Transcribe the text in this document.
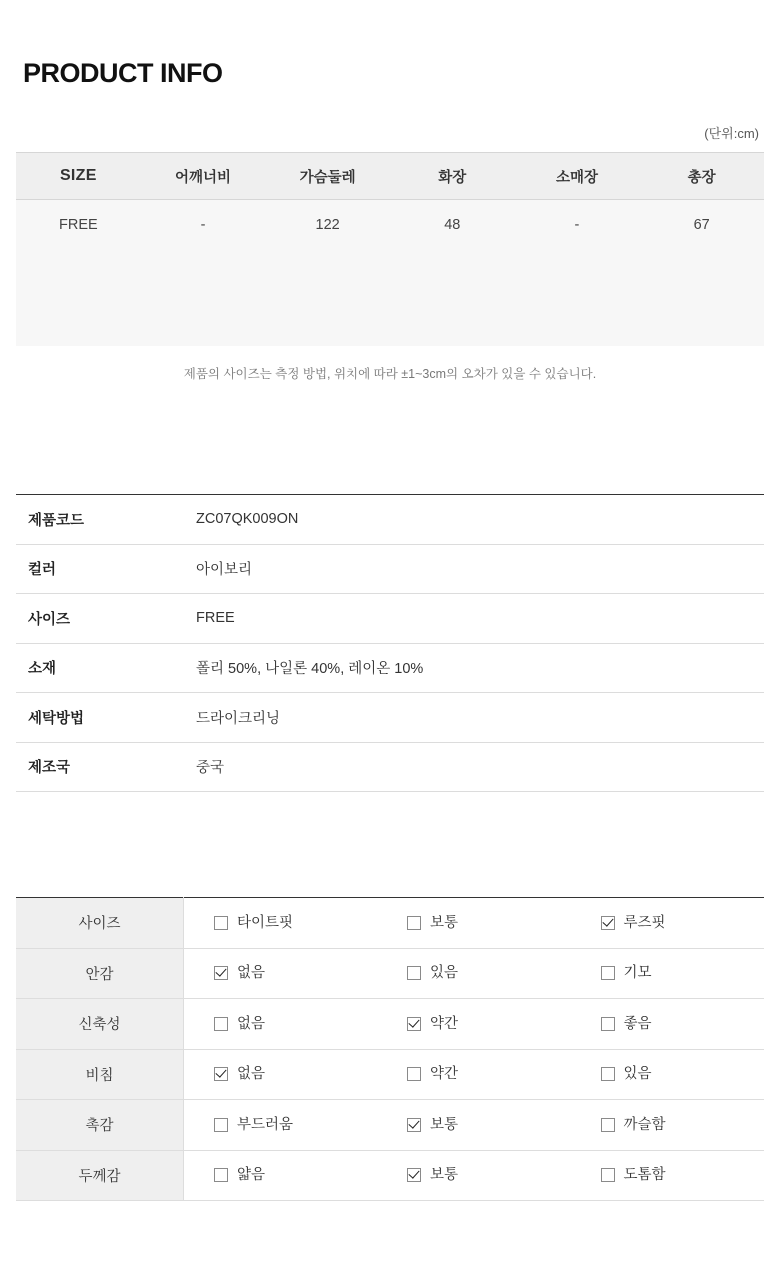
PRODUCT INFO
(단위:cm)
SIZE	어깨너비	가슴둘레	화장	소매장	총장
FREE	-	122	48	-	67

제품의 사이즈는 측정 방법, 위치에 따라 ±1~3cm의 오차가 있을 수 있습니다.
제품코드	ZC07QK009ON
컬러	아이보리
사이즈	FREE
소재	폴리 50%, 나일론 40%, 레이온 10%
세탁방법	드라이크리닝
제조국	중국
사이즈	타이트핏	보통	루즈핏

안감	없음	있음	기모

신축성	없음	약간	좋음

비침	없음	약간	있음

촉감	부드러움	보통	까슬함

두께감	얇음	보통	도톰함
